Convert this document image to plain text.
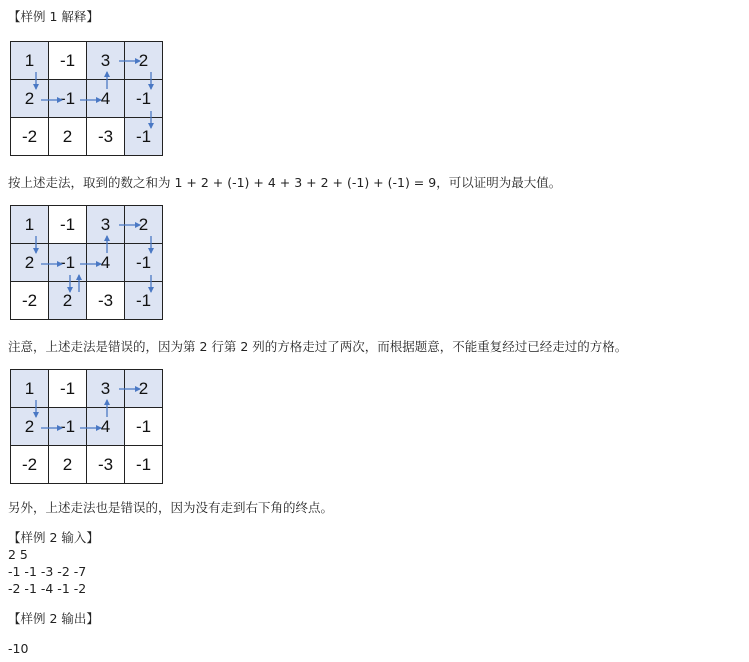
【样例 1 解释】
1	-1	3	2
2	-1	4	-1
-2	2	-3	-1
按上述走法，取到的数之和为 1 + 2 + (-1) + 4 + 3 + 2 + (-1) + (-1) = 9，可以证明为最大值。
1	-1	3	2
2	-1	4	-1
-2	2	-3	-1
注意，上述走法是错误的，因为第 2 行第 2 列的方格走过了两次，而根据题意，不能重复经过已经走过的方格。
1	-1	3	2
2	-1	4	-1
-2	2	-3	-1
另外，上述走法也是错误的，因为没有走到右下角的终点。
【样例 2 输入】
2 5
-1 -1 -3 -2 -7
-2 -1 -4 -1 -2
【样例 2 输出】
-10
